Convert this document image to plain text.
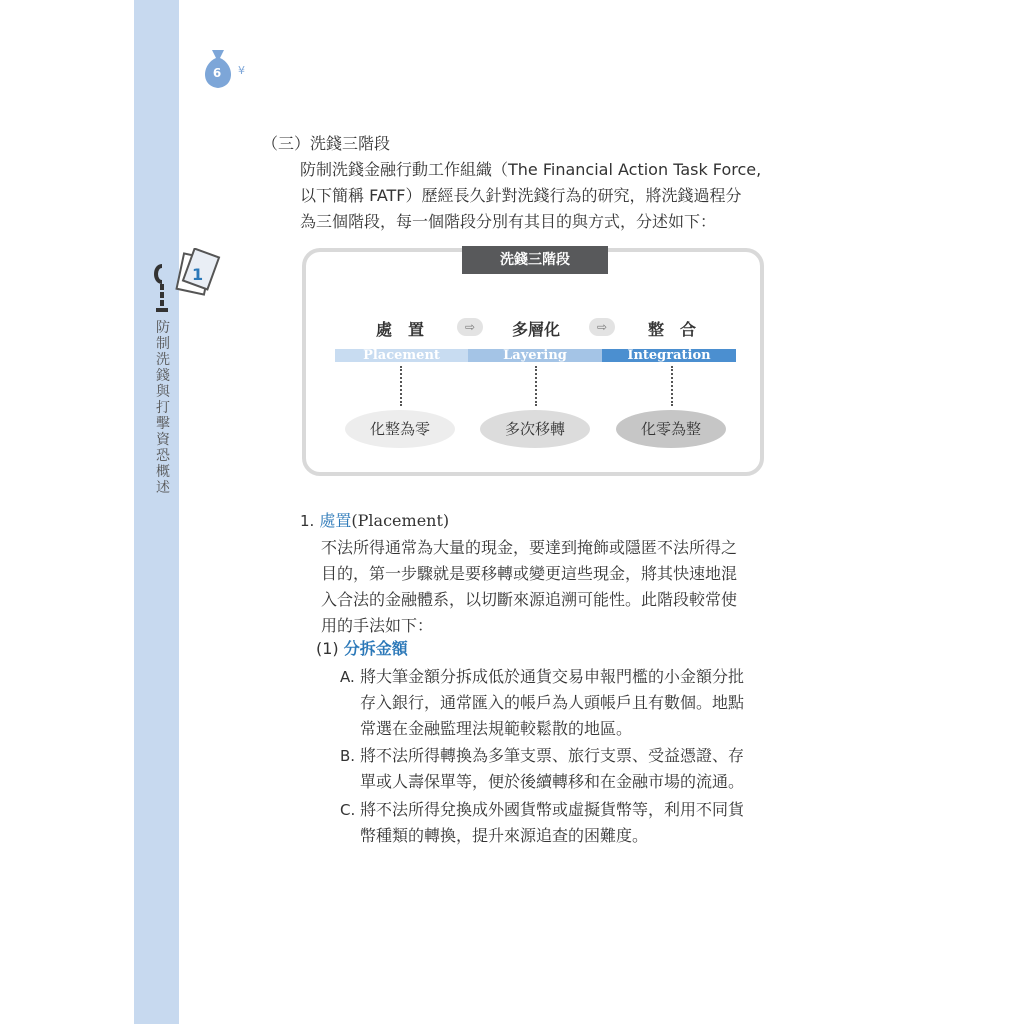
6 ¥
1
防
制
洗
錢
與
打
擊
資
恐
概
述
（三）洗錢三階段
防制洗錢金融行動工作組織（The Financial Action Task Force,
以下簡稱 FATF）歷經長久針對洗錢行為的研究，將洗錢過程分
為三個階段，每一個階段分別有其目的與方式，分述如下：
洗錢三階段
處　置	⇨	多層化	⇨	整　合
Placement	Layering	Integration
化整為零	多次移轉	化零為整
1. 處置(Placement)
不法所得通常為大量的現金，要達到掩飾或隱匿不法所得之
目的，第一步驟就是要移轉或變更這些現金，將其快速地混
入合法的金融體系，以切斷來源追溯可能性。此階段較常使
用的手法如下：
(1) 分拆金額
A. 將大筆金額分拆成低於通貨交易申報門檻的小金額分批
存入銀行，通常匯入的帳戶為人頭帳戶且有數個。地點
常選在金融監理法規範較鬆散的地區。
B. 將不法所得轉換為多筆支票、旅行支票、受益憑證、存
單或人壽保單等，便於後續轉移和在金融市場的流通。
C. 將不法所得兌換成外國貨幣或虛擬貨幣等，利用不同貨
幣種類的轉換，提升來源追查的困難度。
